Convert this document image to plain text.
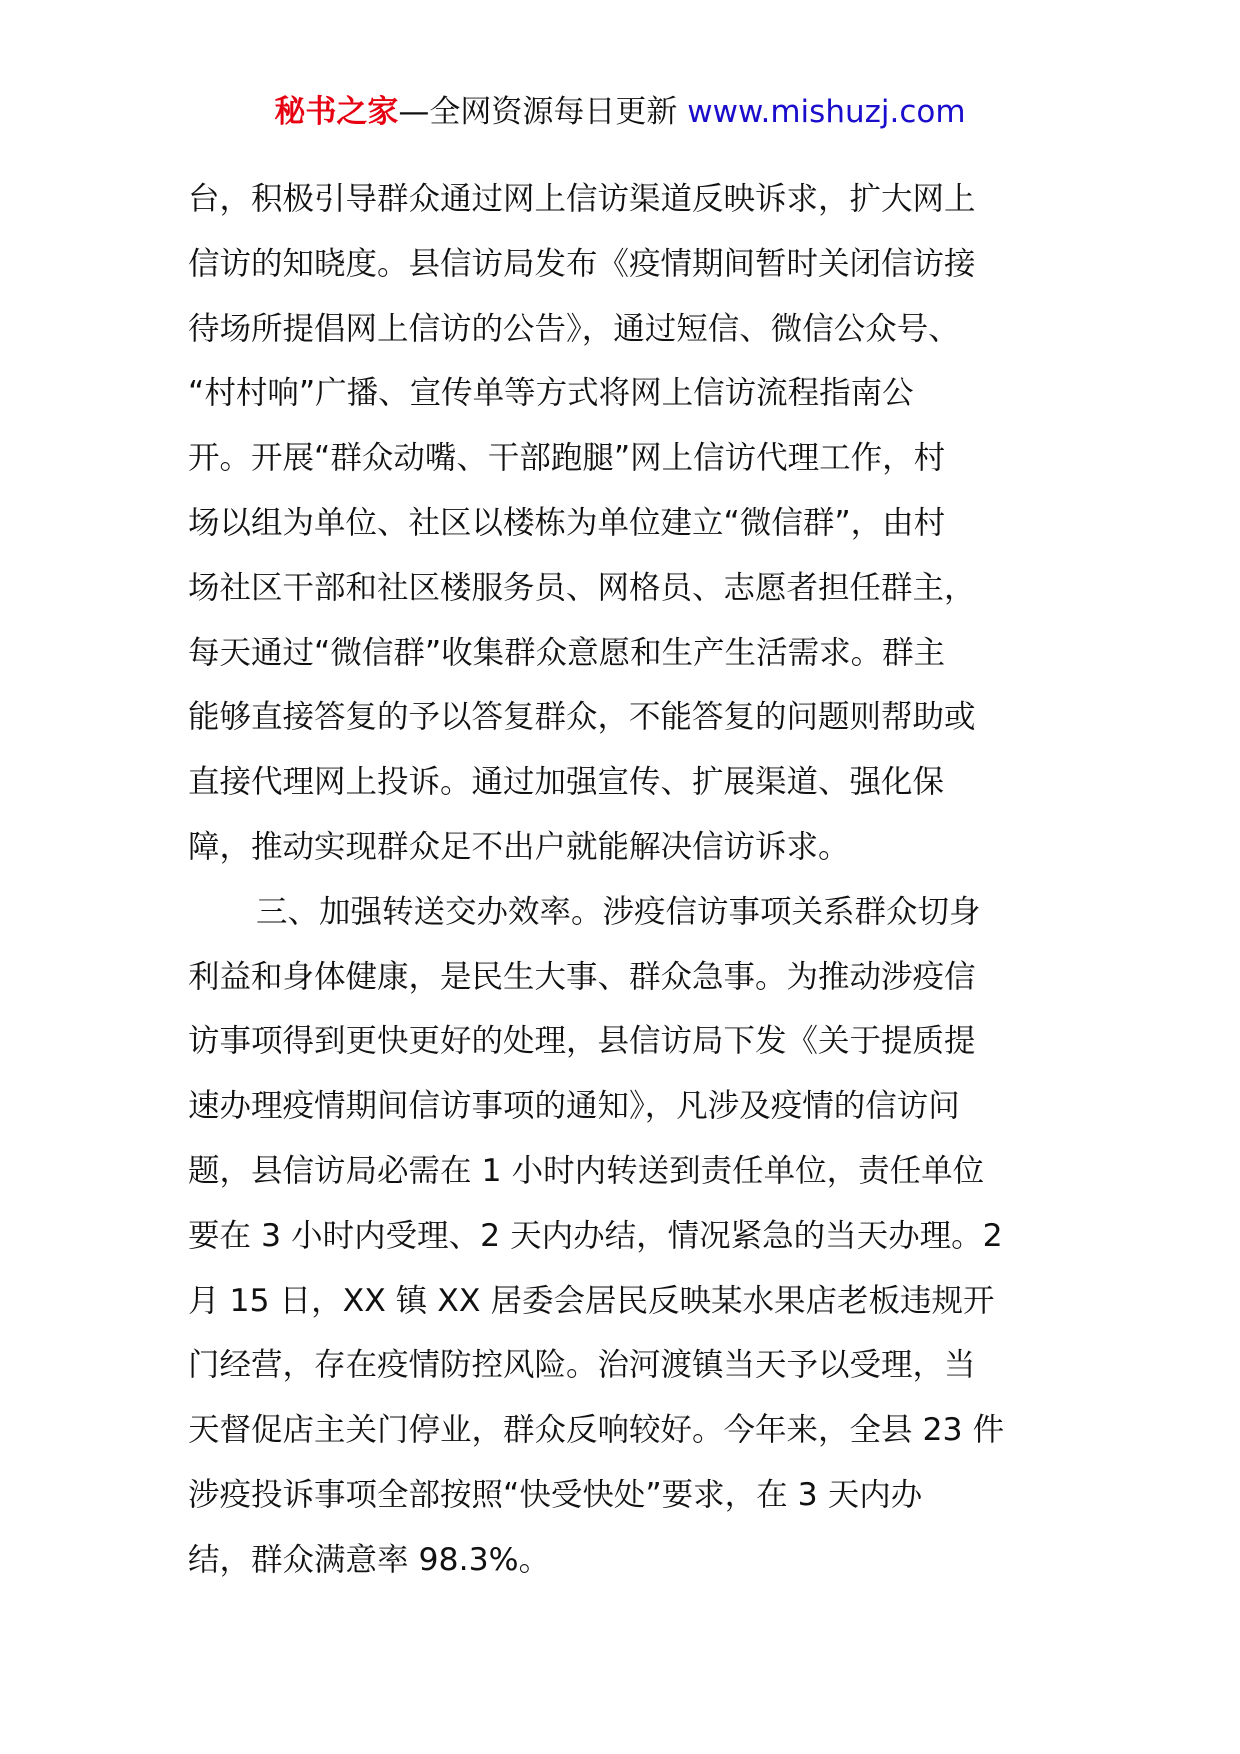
秘书之家—全网资源每日更新 www.mishuzj.com
台，积极引导群众通过网上信访渠道反映诉求，扩大网上
信访的知晓度。县信访局发布《疫情期间暂时关闭信访接
待场所提倡网上信访的公告》，通过短信、微信公众号、
“村村响”广播、宣传单等方式将网上信访流程指南公
开。开展“群众动嘴、干部跑腿”网上信访代理工作，村
场以组为单位、社区以楼栋为单位建立“微信群”，由村
场社区干部和社区楼服务员、网格员、志愿者担任群主，
每天通过“微信群”收集群众意愿和生产生活需求。群主
能够直接答复的予以答复群众，不能答复的问题则帮助或
直接代理网上投诉。通过加强宣传、扩展渠道、强化保
障，推动实现群众足不出户就能解决信访诉求。
三、加强转送交办效率。涉疫信访事项关系群众切身
利益和身体健康，是民生大事、群众急事。为推动涉疫信
访事项得到更快更好的处理，县信访局下发《关于提质提
速办理疫情期间信访事项的通知》，凡涉及疫情的信访问
题，县信访局必需在 1 小时内转送到责任单位，责任单位
要在 3 小时内受理、2 天内办结，情况紧急的当天办理。2
月 15 日，XX 镇 XX 居委会居民反映某水果店老板违规开
门经营，存在疫情防控风险。治河渡镇当天予以受理，当
天督促店主关门停业，群众反响较好。今年来，全县 23 件
涉疫投诉事项全部按照“快受快处”要求，在 3 天内办
结，群众满意率 98.3%。
